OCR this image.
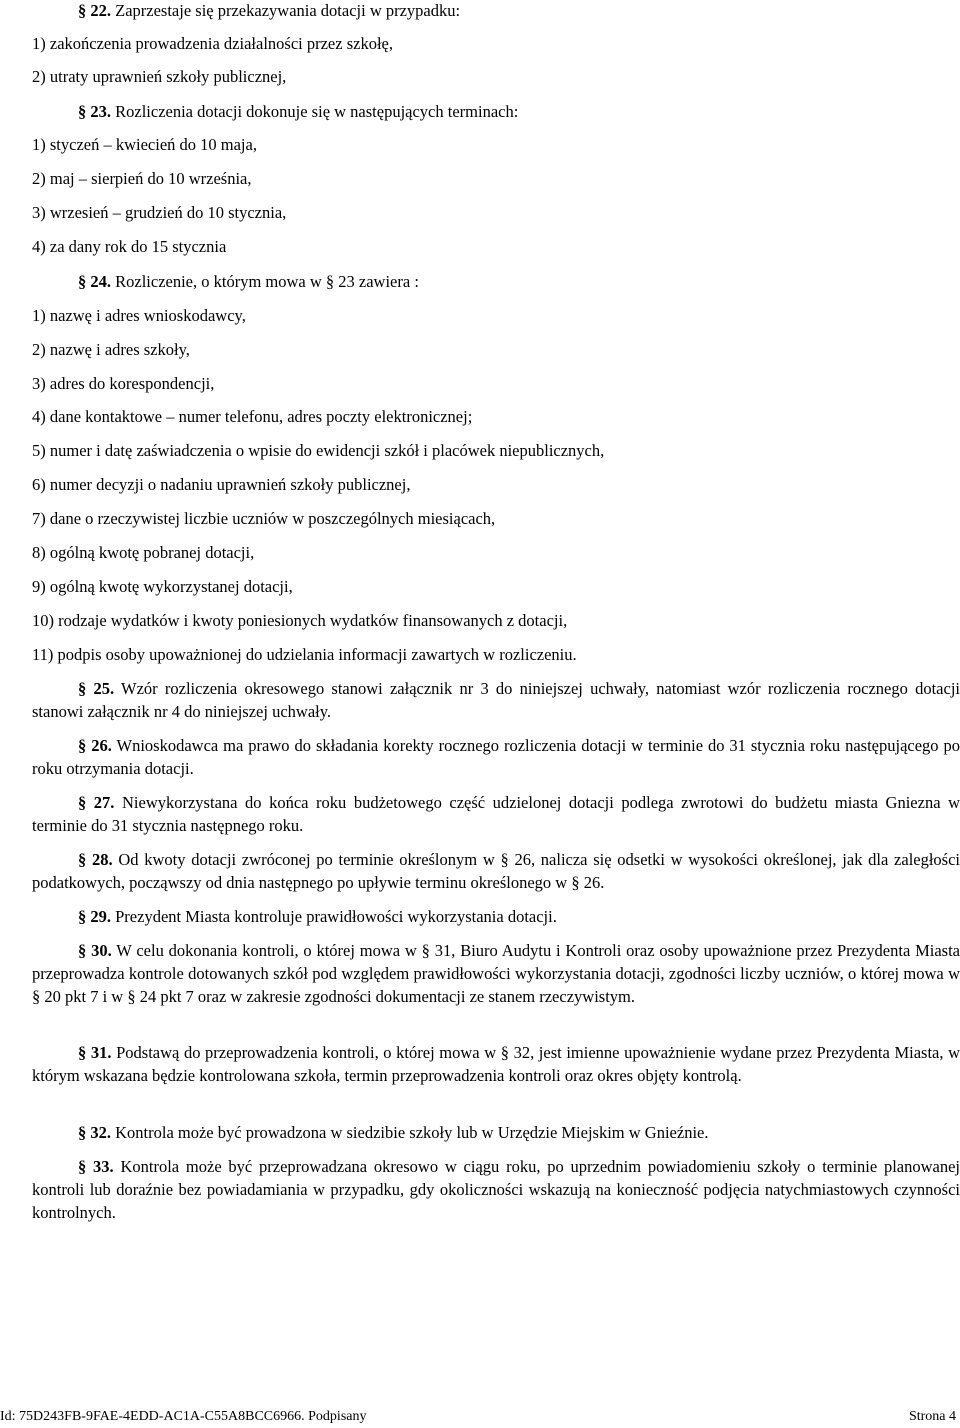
§ 22. Zaprzestaje się przekazywania dotacji w przypadku:
1) zakończenia prowadzenia działalności przez szkołę,
2) utraty uprawnień szkoły publicznej,
§ 23. Rozliczenia dotacji dokonuje się w następujących terminach:
1) styczeń – kwiecień do 10 maja,
2) maj – sierpień do 10 września,
3) wrzesień – grudzień do 10 stycznia,
4) za dany rok do 15 stycznia
§ 24. Rozliczenie, o którym mowa w § 23 zawiera :
1) nazwę i adres wnioskodawcy,
2) nazwę i adres szkoły,
3) adres do korespondencji,
4) dane kontaktowe – numer telefonu, adres poczty elektronicznej;
5) numer i datę zaświadczenia o wpisie do ewidencji szkół i placówek niepublicznych,
6) numer decyzji o nadaniu uprawnień szkoły publicznej,
7) dane o rzeczywistej liczbie uczniów w poszczególnych miesiącach,
8) ogólną kwotę pobranej dotacji,
9) ogólną kwotę wykorzystanej dotacji,
10) rodzaje wydatków i kwoty poniesionych wydatków finansowanych z dotacji,
11) podpis osoby upoważnionej do udzielania informacji zawartych w rozliczeniu.
§ 25. Wzór rozliczenia okresowego stanowi załącznik nr 3 do niniejszej uchwały, natomiast wzór rozliczenia rocznego dotacji stanowi załącznik nr 4 do niniejszej uchwały.
§ 26. Wnioskodawca ma prawo do składania korekty rocznego rozliczenia dotacji w terminie do 31 stycznia roku następującego po roku otrzymania dotacji.
§ 27. Niewykorzystana do końca roku budżetowego część udzielonej dotacji podlega zwrotowi do budżetu miasta Gniezna w terminie do 31 stycznia następnego roku.
§ 28. Od kwoty dotacji zwróconej po terminie określonym w § 26, nalicza się odsetki w wysokości określonej, jak dla zaległości podatkowych, począwszy od dnia następnego po upływie terminu określonego w § 26.
§ 29. Prezydent Miasta kontroluje prawidłowości wykorzystania dotacji.
§ 30. W celu dokonania kontroli, o której mowa w § 31, Biuro Audytu i Kontroli oraz osoby upoważnione przez Prezydenta Miasta przeprowadza kontrole dotowanych szkół pod względem prawidłowości wykorzystania dotacji, zgodności liczby uczniów, o której mowa w § 20 pkt 7 i w § 24 pkt 7 oraz w zakresie zgodności dokumentacji ze stanem rzeczywistym.
§ 31. Podstawą do przeprowadzenia kontroli, o której mowa w § 32, jest imienne upoważnienie wydane przez Prezydenta Miasta, w którym wskazana będzie kontrolowana szkoła, termin przeprowadzenia kontroli oraz okres objęty kontrolą.
§ 32. Kontrola może być prowadzona w siedzibie szkoły lub w Urzędzie Miejskim w Gnieźnie.
§ 33. Kontrola może być przeprowadzana okresowo w ciągu roku, po uprzednim powiadomieniu szkoły o terminie planowanej kontroli lub doraźnie bez powiadamiania w przypadku, gdy okoliczności wskazują na konieczność podjęcia natychmiastowych czynności kontrolnych.
Id: 75D243FB-9FAE-4EDD-AC1A-C55A8BCC6966. Podpisany	Strona 4
